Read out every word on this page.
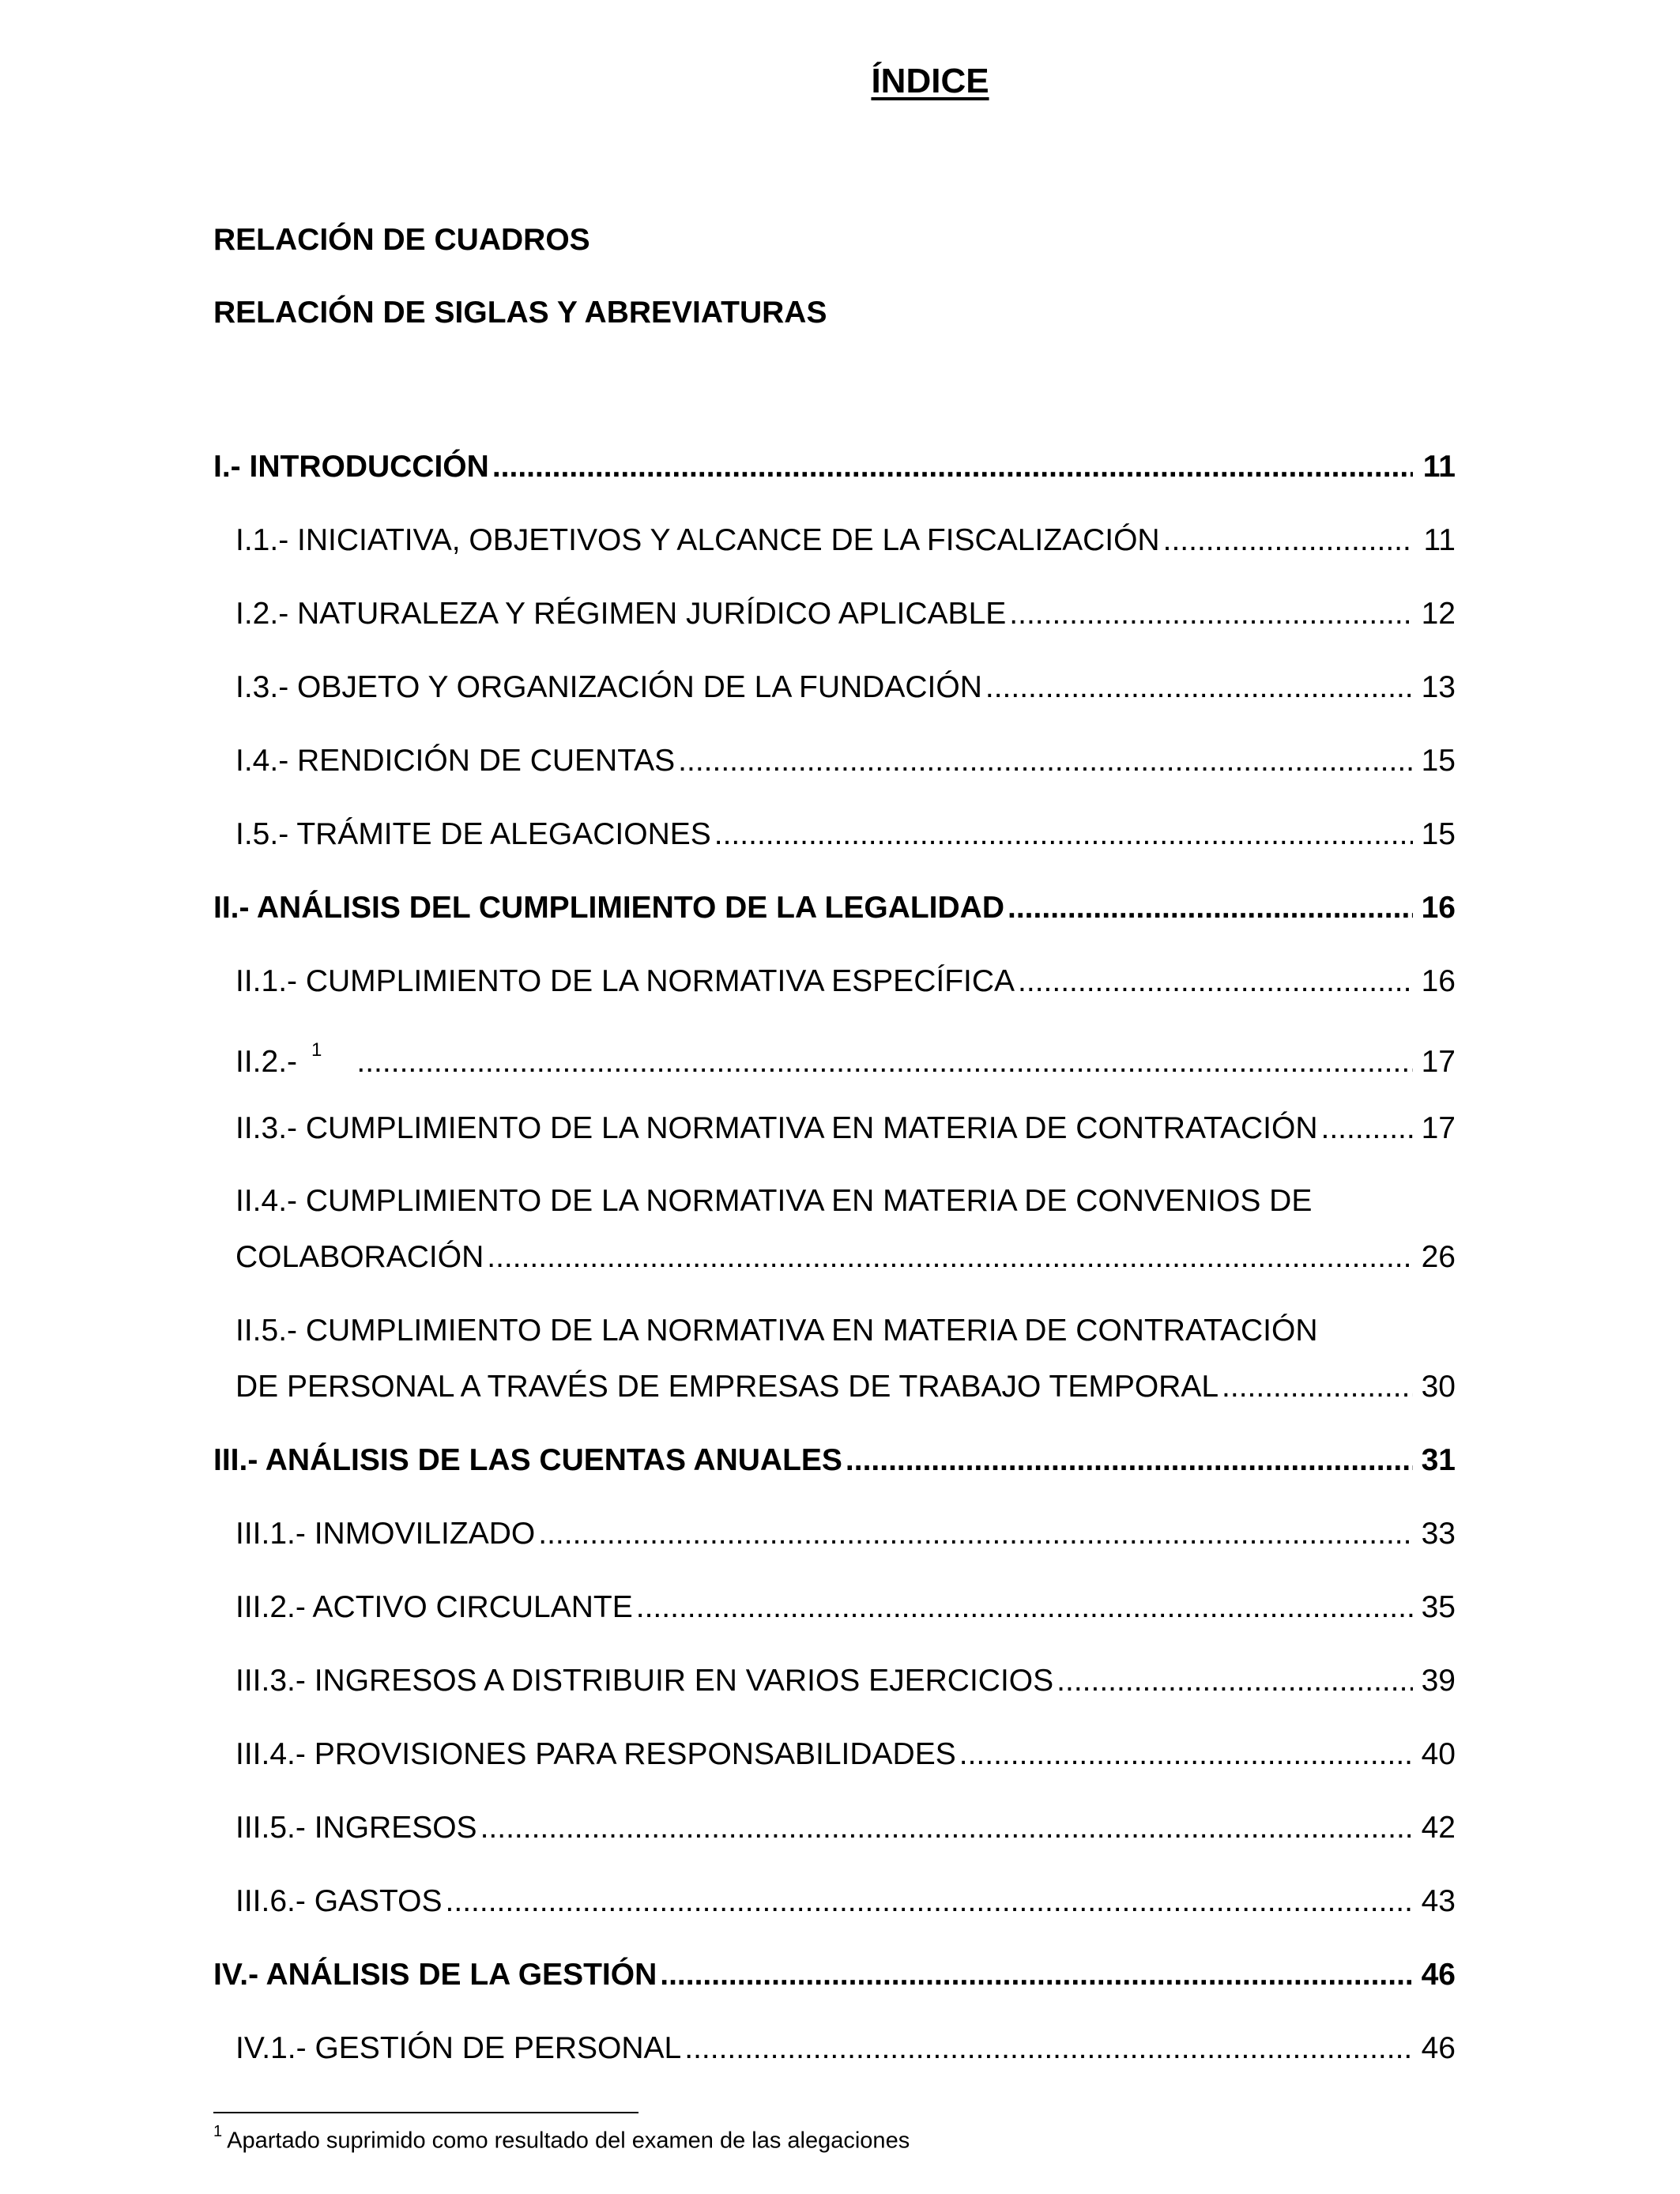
ÍNDICE
RELACIÓN DE CUADROS
RELACIÓN DE SIGLAS Y ABREVIATURAS
I.- INTRODUCCIÓN .....	11
I.1.- INICIATIVA, OBJETIVOS Y ALCANCE DE LA FISCALIZACIÓN .....	11
I.2.- NATURALEZA Y RÉGIMEN JURÍDICO APLICABLE .....	12
I.3.- OBJETO Y ORGANIZACIÓN DE LA FUNDACIÓN .....	13
I.4.- RENDICIÓN DE CUENTAS .....	15
I.5.- TRÁMITE DE ALEGACIONES .....	15
II.- ANÁLISIS DEL CUMPLIMIENTO DE LA LEGALIDAD .....	16
II.1.- CUMPLIMIENTO DE LA NORMATIVA ESPECÍFICA .....	16
II.2.- $^1$ .....	17
II.3.- CUMPLIMIENTO DE LA NORMATIVA EN MATERIA DE CONTRATACIÓN .....	17
II.4.- CUMPLIMIENTO DE LA NORMATIVA EN MATERIA DE CONVENIOS DE
COLABORACIÓN .....	26
II.5.- CUMPLIMIENTO DE LA NORMATIVA EN MATERIA DE CONTRATACIÓN
DE PERSONAL A TRAVÉS DE EMPRESAS DE TRABAJO TEMPORAL .....	30
III.- ANÁLISIS DE LAS CUENTAS ANUALES .....	31
III.1.- INMOVILIZADO .....	33
III.2.- ACTIVO CIRCULANTE .....	35
III.3.- INGRESOS A DISTRIBUIR EN VARIOS EJERCICIOS .....	39
III.4.- PROVISIONES PARA RESPONSABILIDADES .....	40
III.5.- INGRESOS .....	42
III.6.- GASTOS .....	43
IV.- ANÁLISIS DE LA GESTIÓN .....	46
IV.1.- GESTIÓN DE PERSONAL .....	46
$^1$ Apartado suprimido como resultado del examen de las alegaciones
